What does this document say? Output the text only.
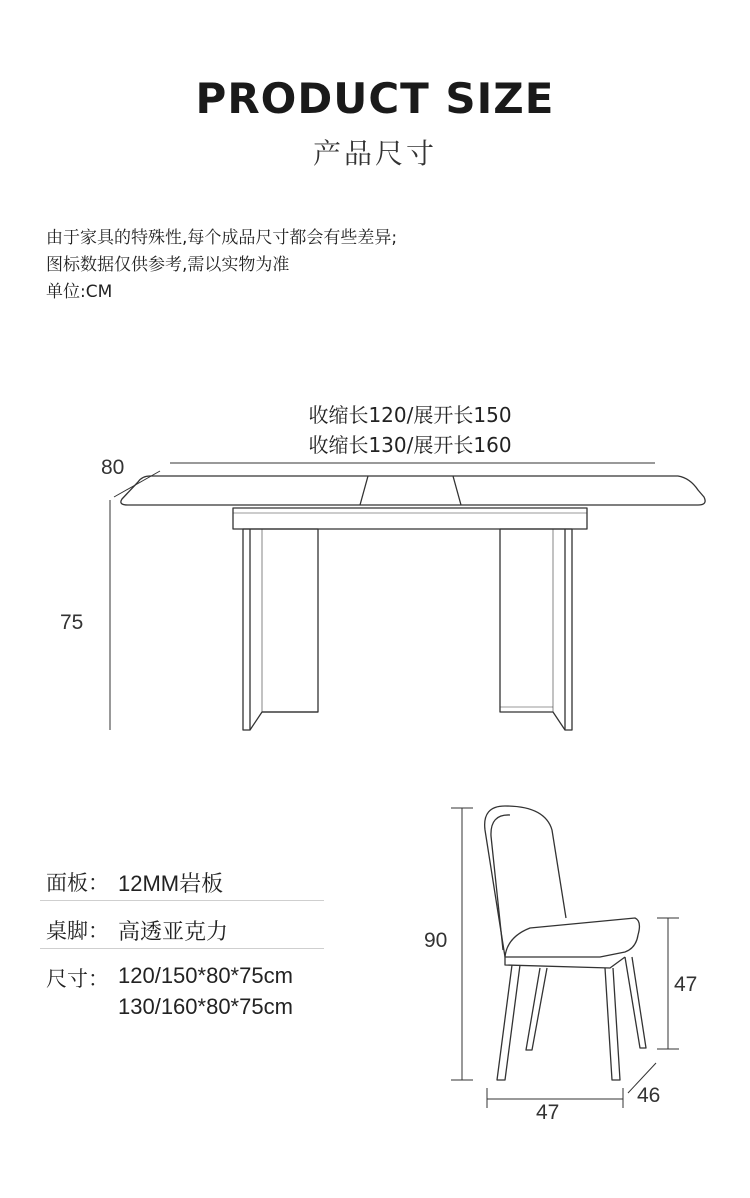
PRODUCT SIZE
产品尺寸
由于家具的特殊性,每个成品尺寸都会有些差异;
图标数据仅供参考,需以实物为准
单位:CM
收缩长120/展开长150
收缩长130/展开长160
80
75
90
47
47
46
面板： 12MM岩板
桌脚： 高透亚克力
尺寸： 120/150*80*75cm
130/160*80*75cm
